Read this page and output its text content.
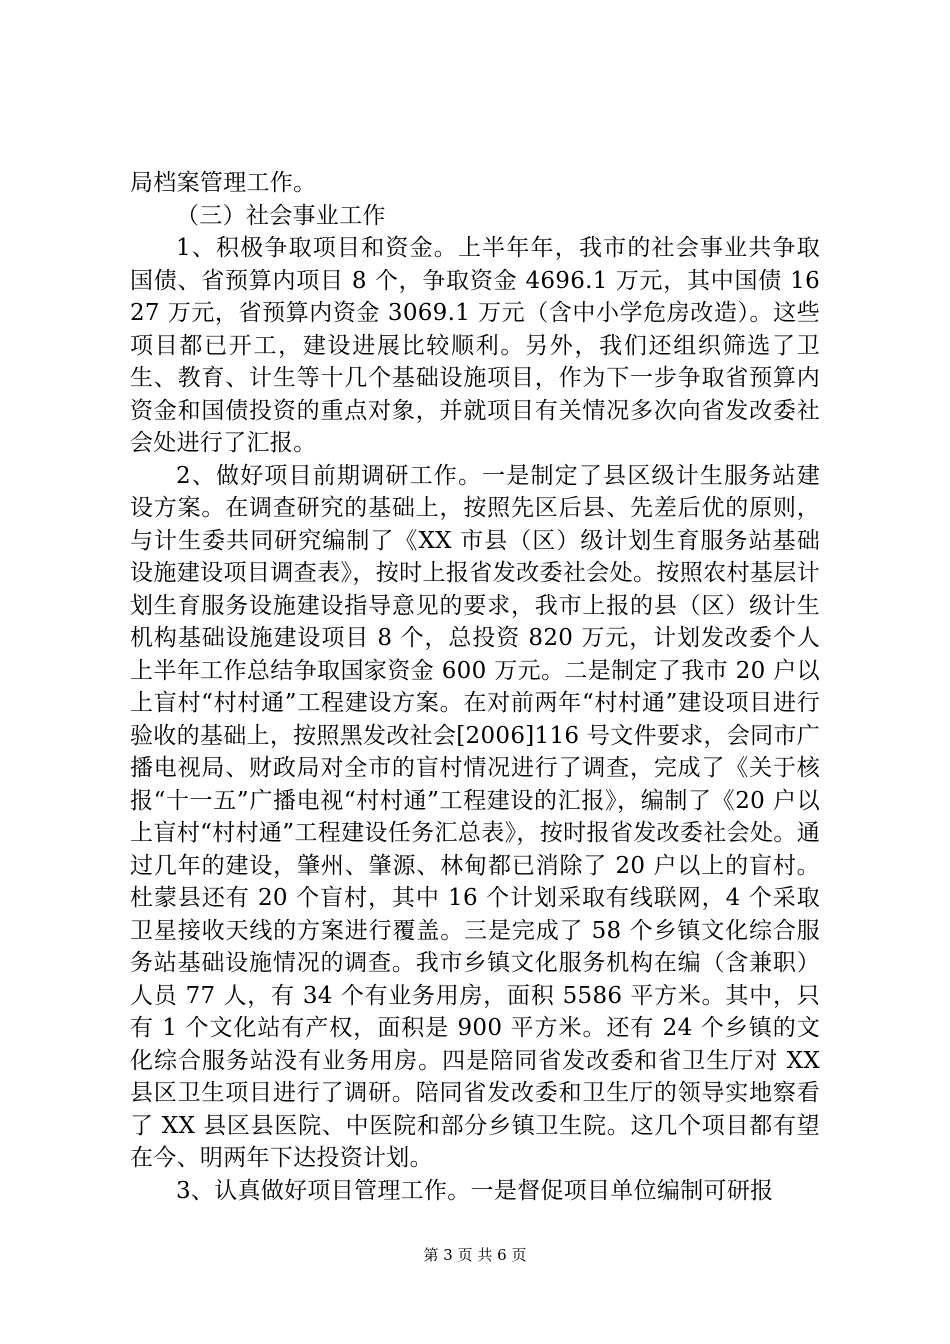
局档案管理工作。

（三）社会事业工作

1、积极争取项目和资金。上半年年，我市的社会事业共争取国债、省预算内项目 8 个，争取资金 4696.1 万元，其中国债 1627 万元，省预算内资金 3069.1 万元（含中小学危房改造）。这些项目都已开工，建设进展比较顺利。另外，我们还组织筛选了卫生、教育、计生等十几个基础设施项目，作为下一步争取省预算内资金和国债投资的重点对象，并就项目有关情况多次向省发改委社会处进行了汇报。

2、做好项目前期调研工作。一是制定了县区级计生服务站建设方案。在调查研究的基础上，按照先区后县、先差后优的原则，与计生委共同研究编制了《XX 市县（区）级计划生育服务站基础设施建设项目调查表》，按时上报省发改委社会处。按照农村基层计划生育服务设施建设指导意见的要求，我市上报的县（区）级计生机构基础设施建设项目 8 个，总投资 820 万元，计划发改委个人上半年工作总结争取国家资金 600 万元。二是制定了我市 20 户以上盲村“村村通”工程建设方案。在对前两年“村村通”建设项目进行验收的基础上，按照黑发改社会[2006]116 号文件要求，会同市广播电视局、财政局对全市的盲村情况进行了调查，完成了《关于核报“十一五”广播电视“村村通”工程建设的汇报》，编制了《20 户以上盲村“村村通”工程建设任务汇总表》，按时报省发改委社会处。通过几年的建设，肇州、肇源、林甸都已消除了 20 户以上的盲村。杜蒙县还有 20 个盲村，其中 16 个计划采取有线联网，4 个采取卫星接收天线的方案进行覆盖。三是完成了 58 个乡镇文化综合服务站基础设施情况的调查。我市乡镇文化服务机构在编（含兼职）人员 77 人，有 34 个有业务用房，面积 5586 平方米。其中，只有 1 个文化站有产权，面积是 900 平方米。还有 24 个乡镇的文化综合服务站没有业务用房。四是陪同省发改委和省卫生厅对 XX 县区卫生项目进行了调研。陪同省发改委和卫生厅的领导实地察看了 XX 县区县医院、中医院和部分乡镇卫生院。这几个项目都有望在今、明两年下达投资计划。

3、认真做好项目管理工作。一是督促项目单位编制可研报

第 3 页 共 6 页
